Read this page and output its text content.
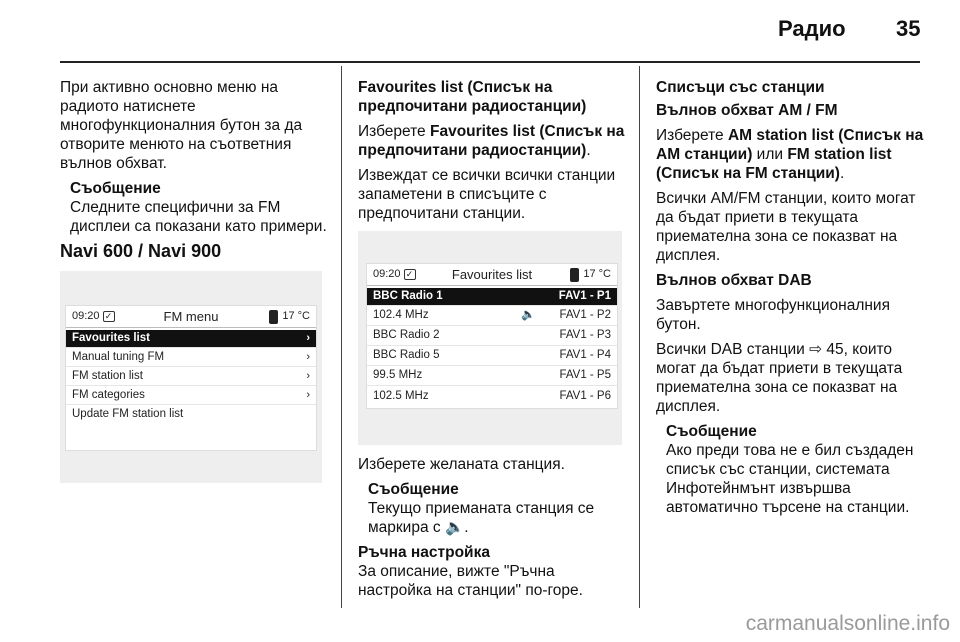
Радио 35

При активно основно меню на радиото натиснете многофункционалния бутон за да отворите менюто на съответния вълнов обхват.

Съобщение

Следните специфични за FM дисплеи са показани като примери.

Navi 600 / Navi 900
09:20 ✓	FM menu	17 °C
Favourites list	›
Manual tuning FM	›
FM station list	›
FM categories	›
Update FM station list
Favourites list (Списък на предпочитани радиостанции)

Изберете Favourites list (Списък на предпочитани радиостанции).

Извеждат се всички всички станции запаметени в списъците с предпочитани станции.

09:20 ✓	Favourites list	17 °C
BBC Radio 1	FAV1 - P1
102.4 MHz	🔈 FAV1 - P2
BBC Radio 2	FAV1 - P3
BBC Radio 5	FAV1 - P4
99.5 MHz	FAV1 - P5
102.5 MHz	FAV1 - P6

Изберете желаната станция.

Съобщение

Текущо приеманата станция се маркира с 🔈.

Ръчна настройка

За описание, вижте "Ръчна настройка на станции" по-горе.

Списъци със станции
Вълнов обхват AM / FM

Изберете AM station list (Списък на AM станции) или FM station list (Списък на FM станции).

Всички AM/FM станции, които могат да бъдат приети в текущата приемателна зона се показват на дисплея.

Вълнов обхват DAB

Завъртете многофункционалния бутон.

Всички DAB станции ⇨ 45, които могат да бъдат приети в текущата приемателна зона се показват на дисплея.

Съобщение

Ако преди това не е бил създаден списък със станции, системата Инфотейнмънт извършва автоматично търсене на станции.

carmanualsonline.info
